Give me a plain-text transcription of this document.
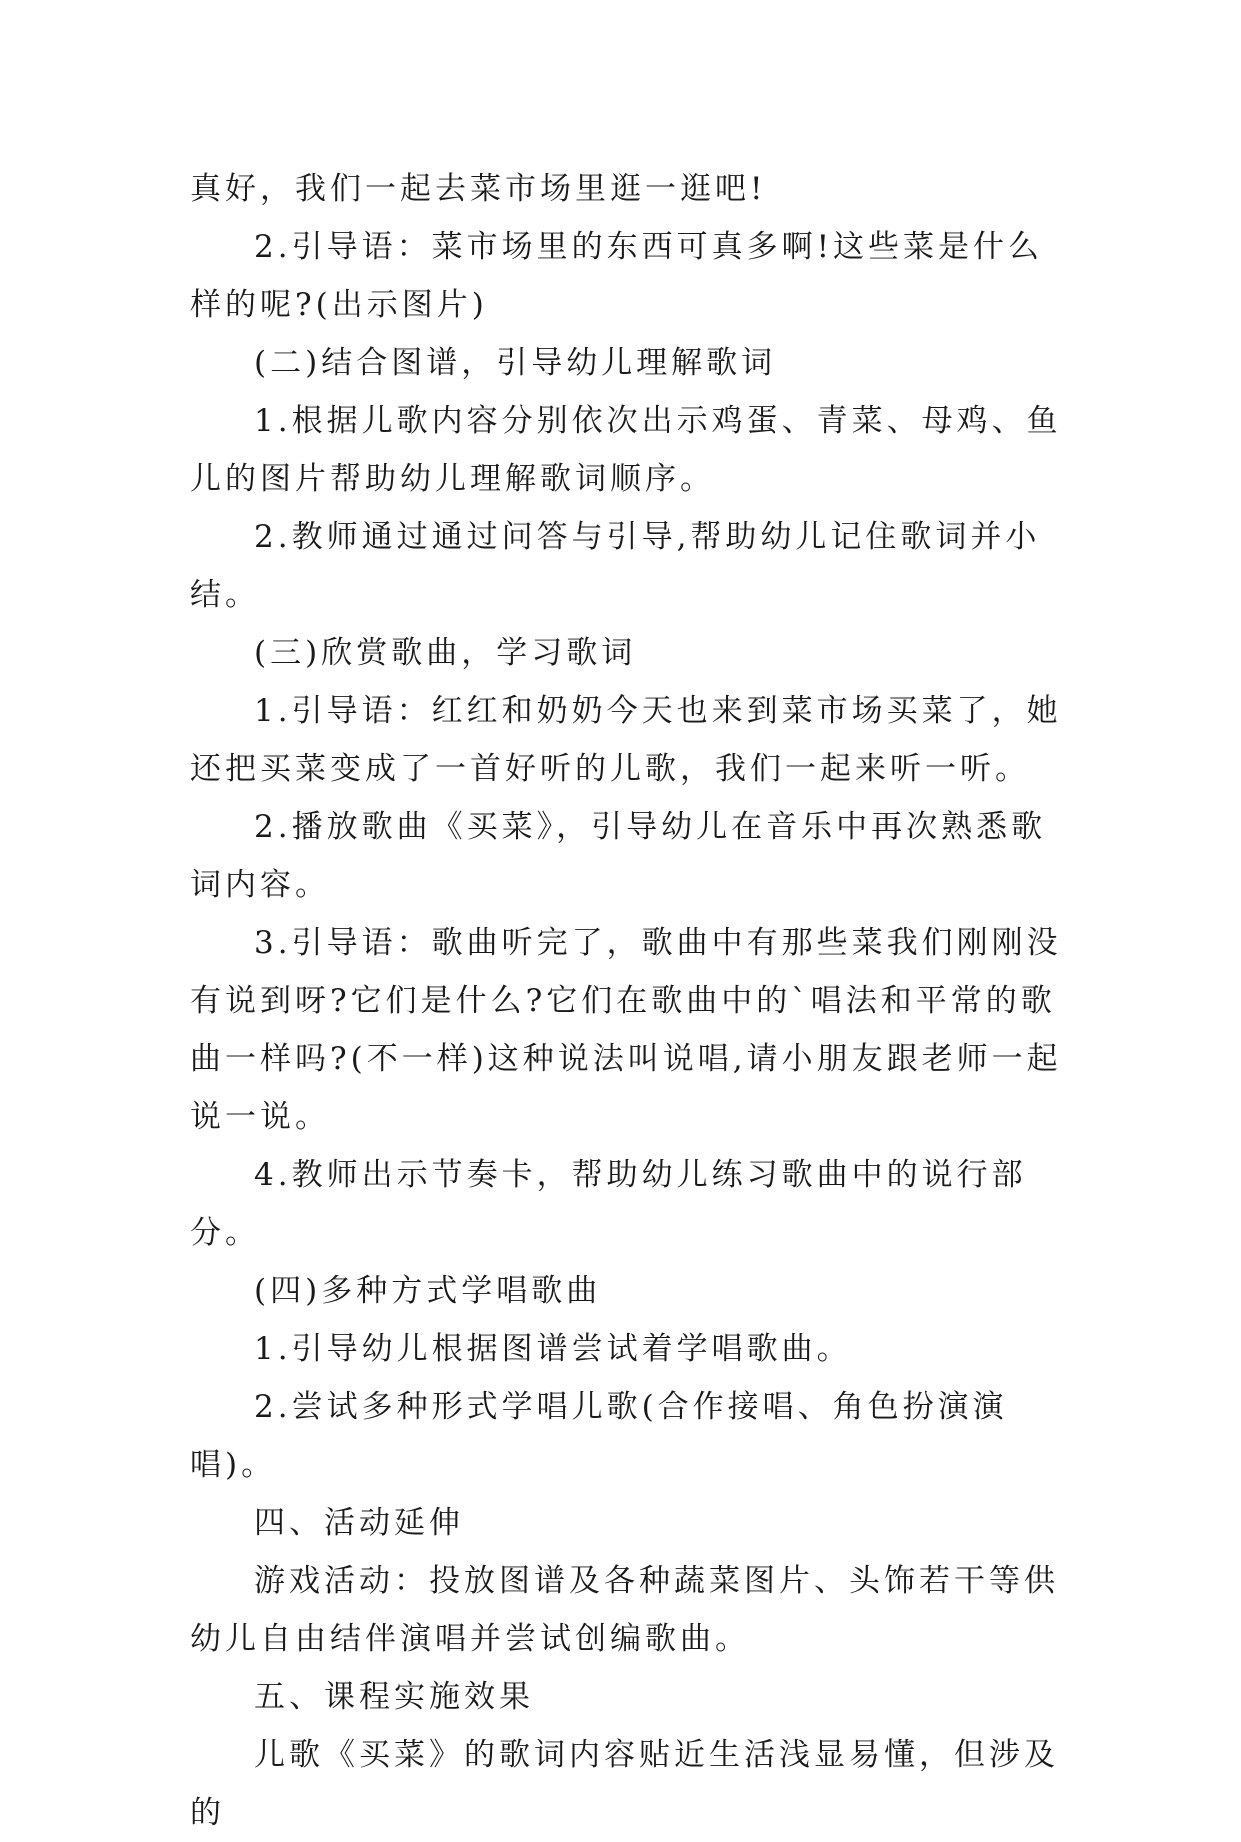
真好，我们一起去菜市场里逛一逛吧!

2.引导语：菜市场里的东西可真多啊!这些菜是什么样的呢?(出示图片)

(二)结合图谱，引导幼儿理解歌词

1.根据儿歌内容分别依次出示鸡蛋、青菜、母鸡、鱼儿的图片帮助幼儿理解歌词顺序。

2.教师通过通过问答与引导,帮助幼儿记住歌词并小结。

(三)欣赏歌曲，学习歌词

1.引导语：红红和奶奶今天也来到菜市场买菜了，她还把买菜变成了一首好听的儿歌，我们一起来听一听。

2.播放歌曲《买菜》，引导幼儿在音乐中再次熟悉歌词内容。

3.引导语：歌曲听完了，歌曲中有那些菜我们刚刚没有说到呀?它们是什么?它们在歌曲中的`唱法和平常的歌曲一样吗?(不一样)这种说法叫说唱,请小朋友跟老师一起说一说。

4.教师出示节奏卡，帮助幼儿练习歌曲中的说行部分。

(四)多种方式学唱歌曲

1.引导幼儿根据图谱尝试着学唱歌曲。

2.尝试多种形式学唱儿歌(合作接唱、角色扮演演唱)。

四、活动延伸

游戏活动：投放图谱及各种蔬菜图片、头饰若干等供幼儿自由结伴演唱并尝试创编歌曲。

五、课程实施效果

儿歌《买菜》的歌词内容贴近生活浅显易懂，但涉及的
